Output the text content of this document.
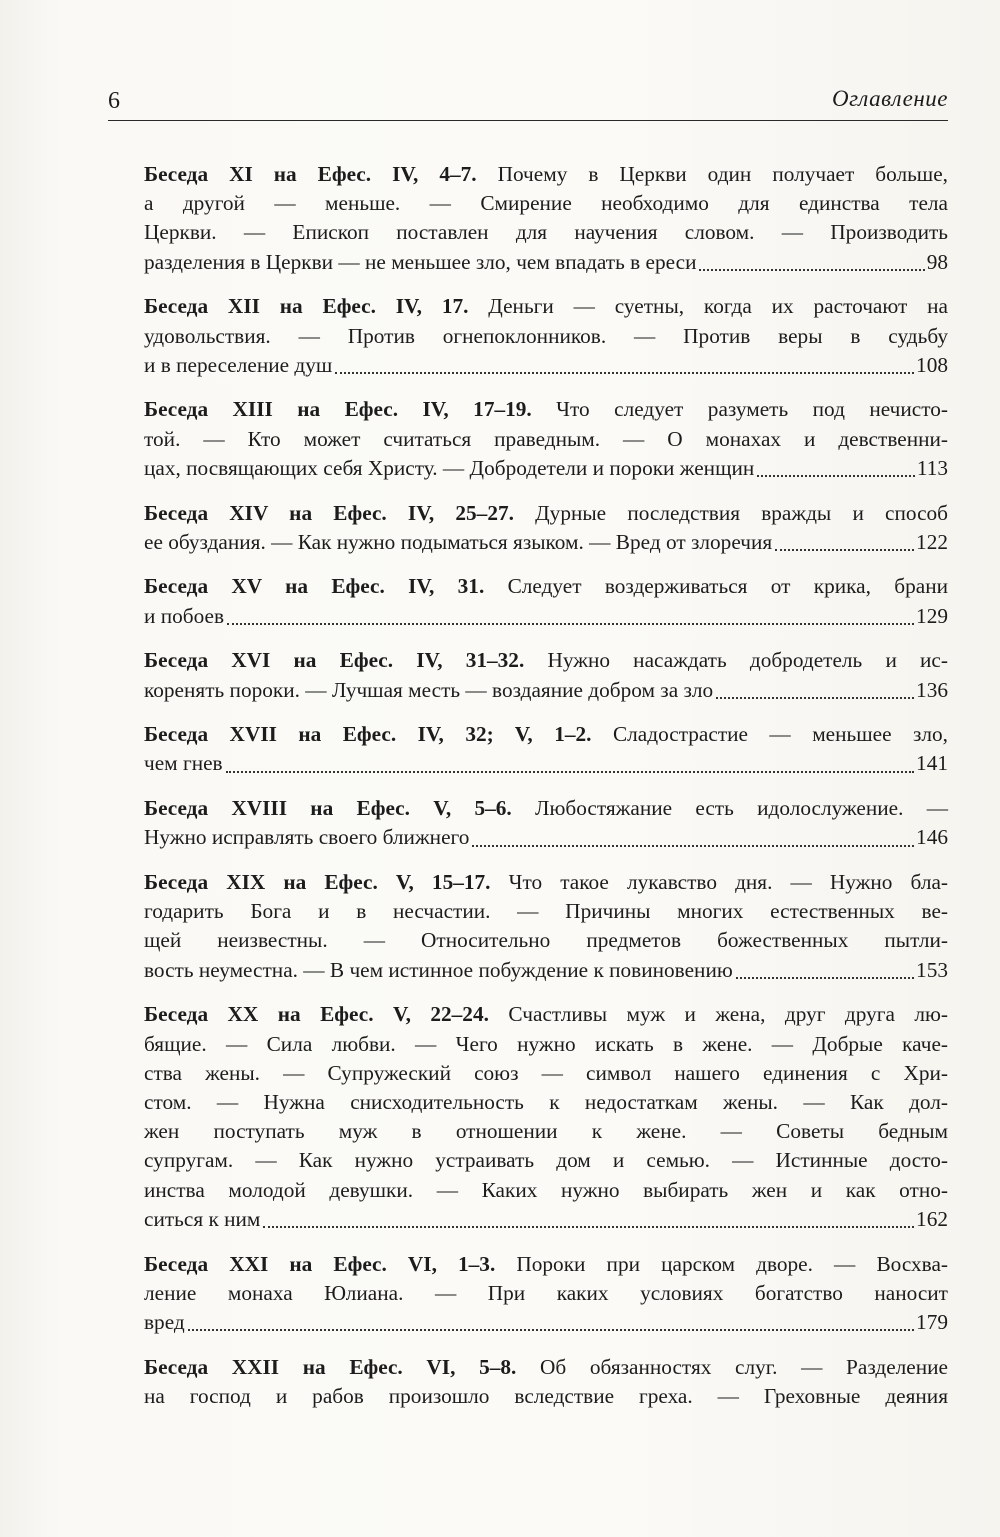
6	Оглавление
Беседа XI на Ефес. IV, 4–7. Почему в Церкви один получает больше,
а другой — меньше. — Смирение необходимо для единства тела
Церкви. — Епископ поставлен для научения словом. — Производить
разделения в Церкви — не меньшее зло, чем впадать в ереси	98
Беседа XII на Ефес. IV, 17. Деньги — суетны, когда их расточают на
удовольствия. — Против огнепоклонников. — Против веры в судьбу
и в переселение душ	108
Беседа XIII на Ефес. IV, 17–19. Что следует разуметь под нечисто-
той. — Кто может считаться праведным. — О монахах и девственни-
цах, посвящающих себя Христу. — Добродетели и пороки женщин	113
Беседа XIV на Ефес. IV, 25–27. Дурные последствия вражды и способ
ее обуздания. — Как нужно подыматься языком. — Вред от злоречия	122
Беседа XV на Ефес. IV, 31. Следует воздерживаться от крика, брани
и побоев	129
Беседа XVI на Ефес. IV, 31–32. Нужно насаждать добродетель и ис-
коренять пороки. — Лучшая месть — воздаяние добром за зло	136
Беседа XVII на Ефес. IV, 32; V, 1–2. Сладострастие — меньшее зло,
чем гнев	141
Беседа XVIII на Ефес. V, 5–6. Любостяжание есть идолослужение. —
Нужно исправлять своего ближнего	146
Беседа XIX на Ефес. V, 15–17. Что такое лукавство дня. — Нужно бла-
годарить Бога и в несчастии. — Причины многих естественных ве-
щей неизвестны. — Относительно предметов божественных пытли-
вость неуместна. — В чем истинное побуждение к повиновению	153
Беседа XX на Ефес. V, 22–24. Счастливы муж и жена, друг друга лю-
бящие. — Сила любви. — Чего нужно искать в жене. — Добрые каче-
ства жены. — Супружеский союз — символ нашего единения с Хри-
стом. — Нужна снисходительность к недостаткам жены. — Как дол-
жен поступать муж в отношении к жене. — Советы бедным
супругам. — Как нужно устраивать дом и семью. — Истинные досто-
инства молодой девушки. — Каких нужно выбирать жен и как отно-
ситься к ним	162
Беседа XXI на Ефес. VI, 1–3. Пороки при царском дворе. — Восхва-
ление монаха Юлиана. — При каких условиях богатство наносит
вред	179
Беседа XXII на Ефес. VI, 5–8. Об обязанностях слуг. — Разделение
на господ и рабов произошло вследствие греха. — Греховные деяния
